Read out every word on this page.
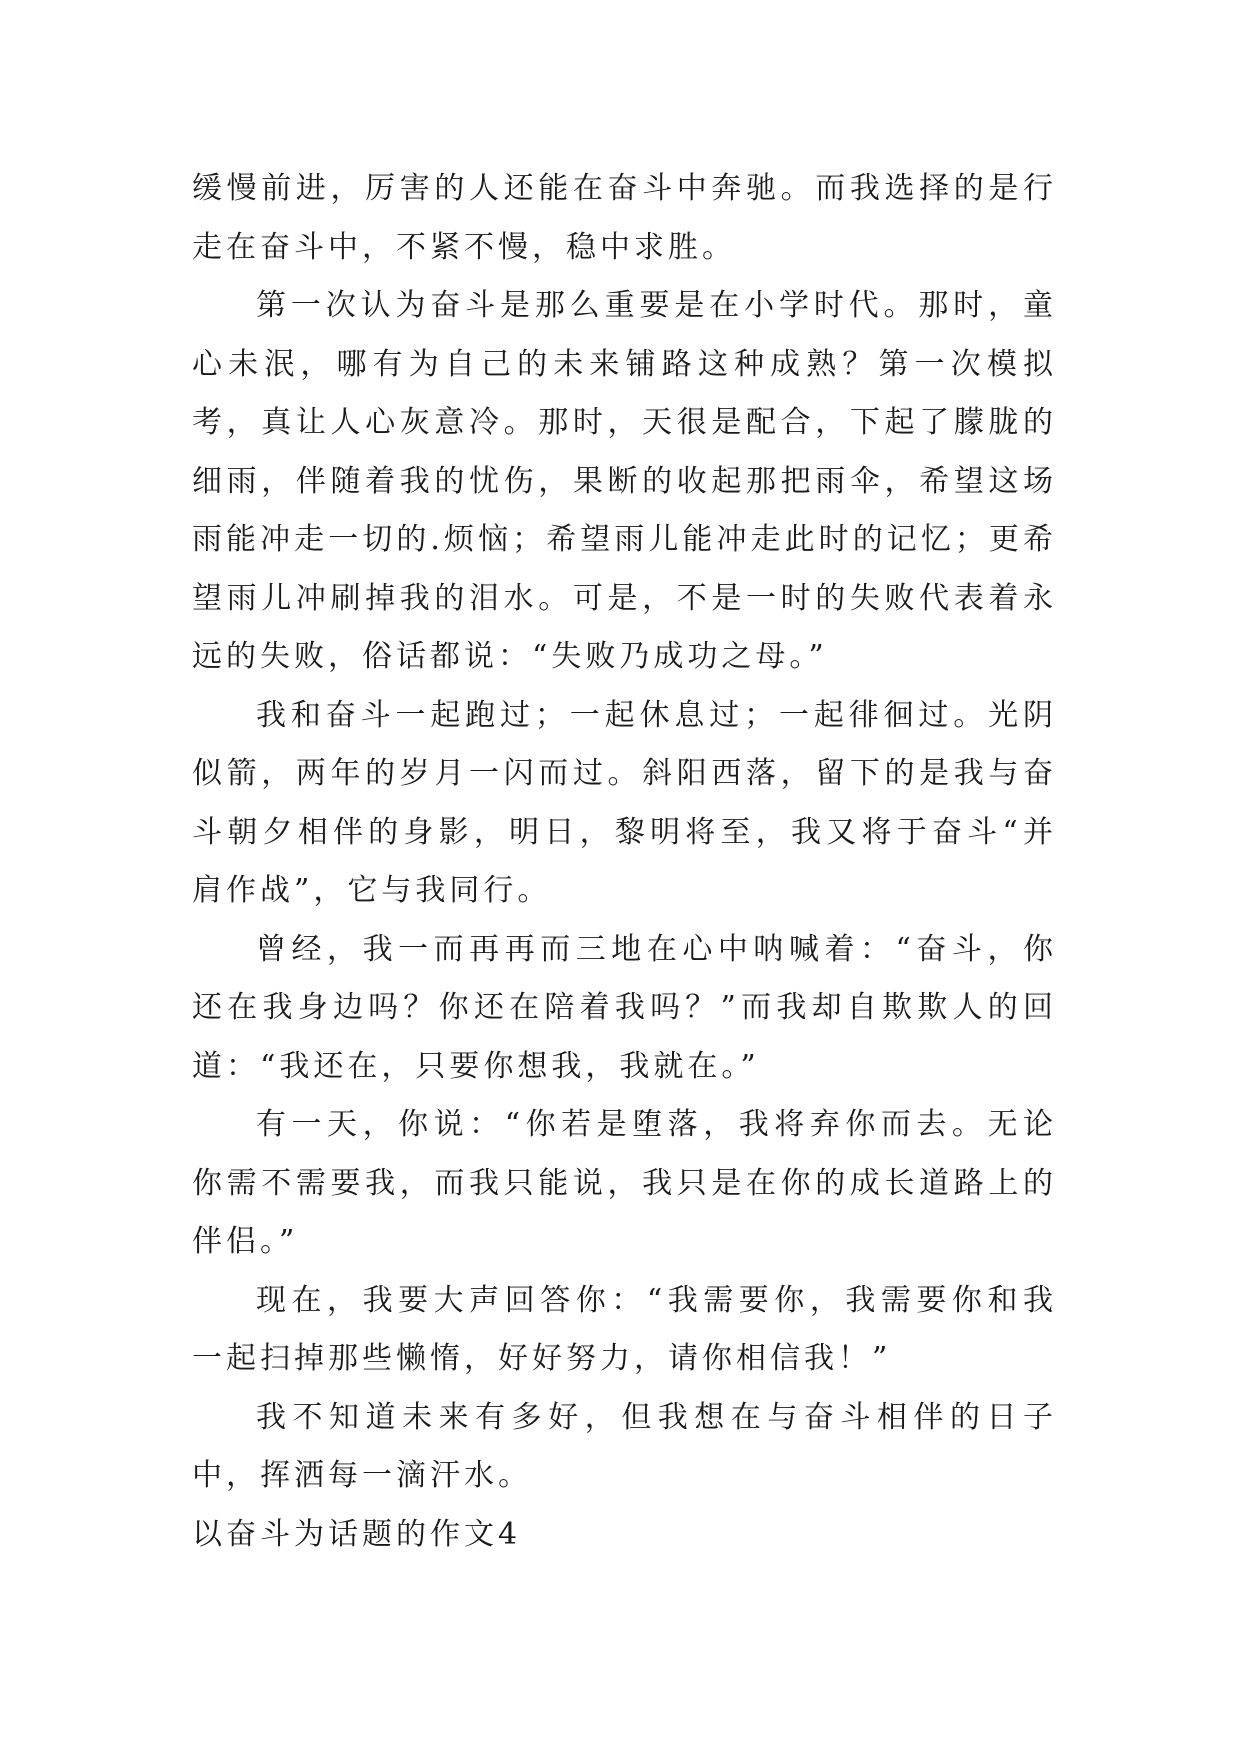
缓慢前进，厉害的人还能在奋斗中奔驰。而我选择的是行走在奋斗中，不紧不慢，稳中求胜。

第一次认为奋斗是那么重要是在小学时代。那时，童心未泯，哪有为自己的未来铺路这种成熟？第一次模拟考，真让人心灰意冷。那时，天很是配合，下起了朦胧的细雨，伴随着我的忧伤，果断的收起那把雨伞，希望这场雨能冲走一切的.烦恼；希望雨儿能冲走此时的记忆；更希望雨儿冲刷掉我的泪水。可是，不是一时的失败代表着永远的失败，俗话都说：“失败乃成功之母。”

我和奋斗一起跑过；一起休息过；一起徘徊过。光阴似箭，两年的岁月一闪而过。斜阳西落，留下的是我与奋斗朝夕相伴的身影，明日，黎明将至，我又将于奋斗“并肩作战”，它与我同行。

曾经，我一而再再而三地在心中呐喊着：“奋斗，你还在我身边吗？你还在陪着我吗？”而我却自欺欺人的回道：“我还在，只要你想我，我就在。”

有一天，你说：“你若是堕落，我将弃你而去。无论你需不需要我，而我只能说，我只是在你的成长道路上的伴侣。”

现在，我要大声回答你：“我需要你，我需要你和我一起扫掉那些懒惰，好好努力，请你相信我！”

我不知道未来有多好，但我想在与奋斗相伴的日子中，挥洒每一滴汗水。

以奋斗为话题的作文4
